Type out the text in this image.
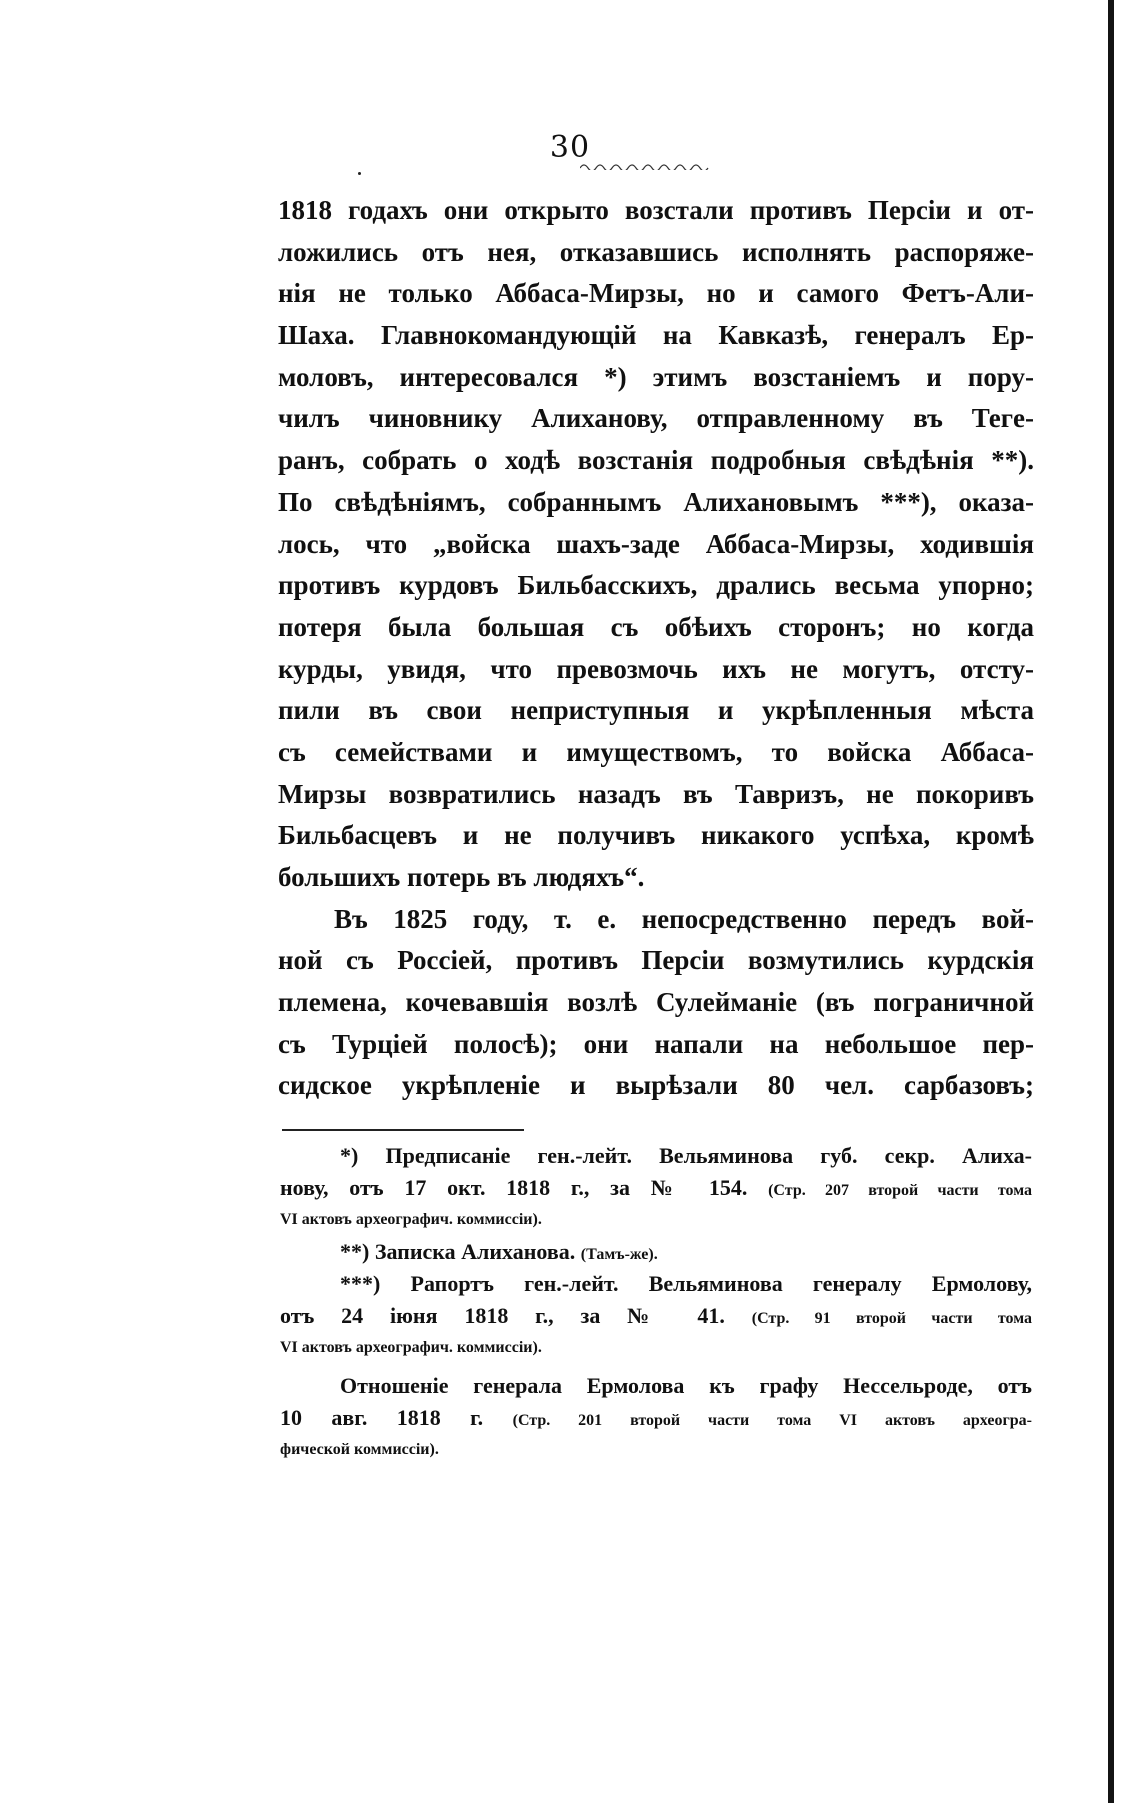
30
1818 годахъ они открыто возстали противъ Персіи и от-
ложились отъ нея, отказавшись исполнять распоряже-
нія не только Аббаса-Мирзы, но и самого Фетъ-Али-
Шаха. Главнокомандующій на Кавказѣ, генералъ Ер-
моловъ, интересовался *) этимъ возстаніемъ и пору-
чилъ чиновнику Алиханову, отправленному въ Тегe-
ранъ, собрать о ходѣ возстанія подробныя свѣдѣнія **).
По свѣдѣніямъ, собраннымъ Алихановымъ ***), оказа-
лось, что „войска шахъ-заде Аббаса-Мирзы, ходившія
противъ курдовъ Бильбасскихъ, дрались весьма упорно;
потеря была большая съ обѣихъ сторонъ; но когда
курды, увидя, что превозмочь ихъ не могутъ, отсту-
пили въ свои неприступныя и укрѣпленныя мѣста
съ семействами и имуществомъ, то войска Аббаса-
Мирзы возвратились назадъ въ Тавризъ, не покоривъ
Бильбасцевъ и не получивъ никакого успѣха, кромѣ
большихъ потерь въ людяхъ“.
Въ 1825 году, т. е. непосредственно передъ вой-
ной съ Россіей, противъ Персіи возмутились курдскія
племена, кочевавшія возлѣ Сулейманіе (въ пограничной
съ Турціей полосѣ); они напали на небольшое пер-
сидское укрѣпленіе и вырѣзали 80 чел. сарбазовъ;
*) Предписаніе ген.-лейт. Вельяминова губ. секр. Алиха-
нову, отъ 17 окт. 1818 г., за № 154. (Стр. 207 второй части тома
VI актовъ археографич. коммиссіи).
**) Записка Алиханова. (Тамъ-же).
***) Рапортъ ген.-лейт. Вельяминова генералу Ермолову,
отъ 24 іюня 1818 г., за № 41. (Стр. 91 второй части тома
VI актовъ археографич. коммиссіи).
Отношеніе генерала Ермолова къ графу Нессельроде, отъ
10 авг. 1818 г. (Стр. 201 второй части тома VI актовъ археогра-
фической коммиссіи).
